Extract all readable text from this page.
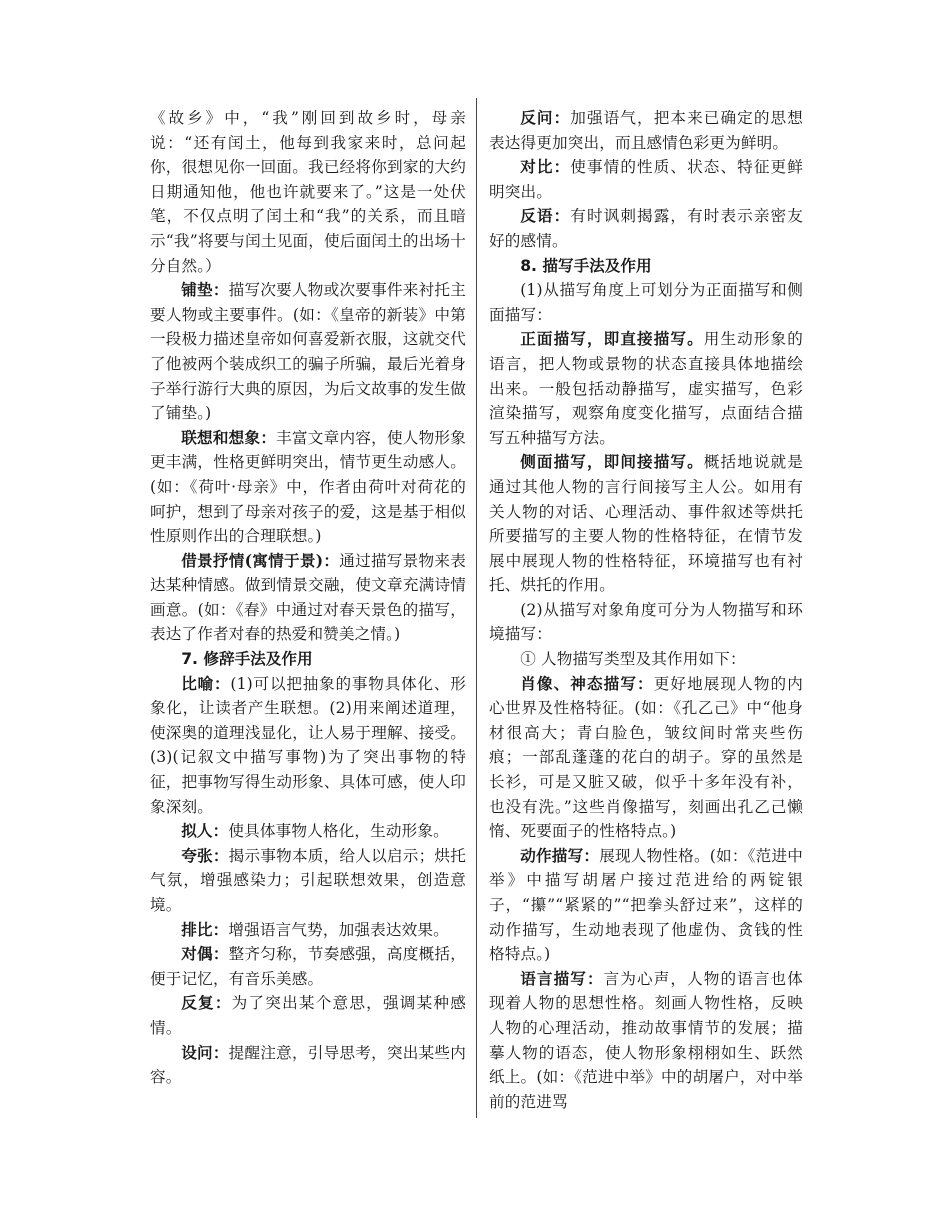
《故乡》中，“我”刚回到故乡时，母亲说：“还有闰土，他每到我家来时，总问起你，很想见你一回面。我已经将你到家的大约日期通知他，他也许就要来了。”这是一处伏笔，不仅点明了闰土和“我”的关系，而且暗示“我”将要与闰土见面，使后面闰土的出场十分自然。）
铺垫：描写次要人物或次要事件来衬托主要人物或主要事件。(如：《皇帝的新装》中第一段极力描述皇帝如何喜爱新衣服，这就交代了他被两个装成织工的骗子所骗，最后光着身子举行游行大典的原因，为后文故事的发生做了铺垫。)
联想和想象：丰富文章内容，使人物形象更丰满，性格更鲜明突出，情节更生动感人。(如：《荷叶·母亲》中，作者由荷叶对荷花的呵护，想到了母亲对孩子的爱，这是基于相似性原则作出的合理联想。)
借景抒情(寓情于景)：通过描写景物来表达某种情感。做到情景交融，使文章充满诗情画意。(如：《春》中通过对春天景色的描写，表达了作者对春的热爱和赞美之情。)
7. 修辞手法及作用
比喻：(1)可以把抽象的事物具体化、形象化，让读者产生联想。(2)用来阐述道理，使深奥的道理浅显化，让人易于理解、接受。(3)(记叙文中描写事物)为了突出事物的特征，把事物写得生动形象、具体可感，使人印象深刻。
拟人：使具体事物人格化，生动形象。
夸张：揭示事物本质，给人以启示；烘托气氛，增强感染力；引起联想效果，创造意境。
排比：增强语言气势，加强表达效果。
对偶：整齐匀称，节奏感强，高度概括，便于记忆，有音乐美感。
反复：为了突出某个意思，强调某种感情。
设问：提醒注意，引导思考，突出某些内容。
反问：加强语气，把本来已确定的思想表达得更加突出，而且感情色彩更为鲜明。
对比：使事情的性质、状态、特征更鲜明突出。
反语：有时讽刺揭露，有时表示亲密友好的感情。
8. 描写手法及作用
(1)从描写角度上可划分为正面描写和侧面描写：
正面描写，即直接描写。用生动形象的语言，把人物或景物的状态直接具体地描绘出来。一般包括动静描写，虚实描写，色彩渲染描写，观察角度变化描写，点面结合描写五种描写方法。
侧面描写，即间接描写。概括地说就是通过其他人物的言行间接写主人公。如用有关人物的对话、心理活动、事件叙述等烘托所要描写的主要人物的性格特征，在情节发展中展现人物的性格特征，环境描写也有衬托、烘托的作用。
(2)从描写对象角度可分为人物描写和环境描写：
① 人物描写类型及其作用如下：
肖像、神态描写：更好地展现人物的内心世界及性格特征。(如：《孔乙己》中“他身材很高大；青白脸色，皱纹间时常夹些伤痕；一部乱蓬蓬的花白的胡子。穿的虽然是长衫，可是又脏又破，似乎十多年没有补，也没有洗。”这些肖像描写，刻画出孔乙己懒惰、死要面子的性格特点。)
动作描写：展现人物性格。(如：《范进中举》中描写胡屠户接过范进给的两锭银子，“攥”“紧紧的”“把拳头舒过来”，这样的动作描写，生动地表现了他虚伪、贪钱的性格特点。)
语言描写：言为心声，人物的语言也体现着人物的思想性格。刻画人物性格，反映人物的心理活动，推动故事情节的发展；描摹人物的语态，使人物形象栩栩如生、跃然纸上。(如：《范进中举》中的胡屠户，对中举前的范进骂
